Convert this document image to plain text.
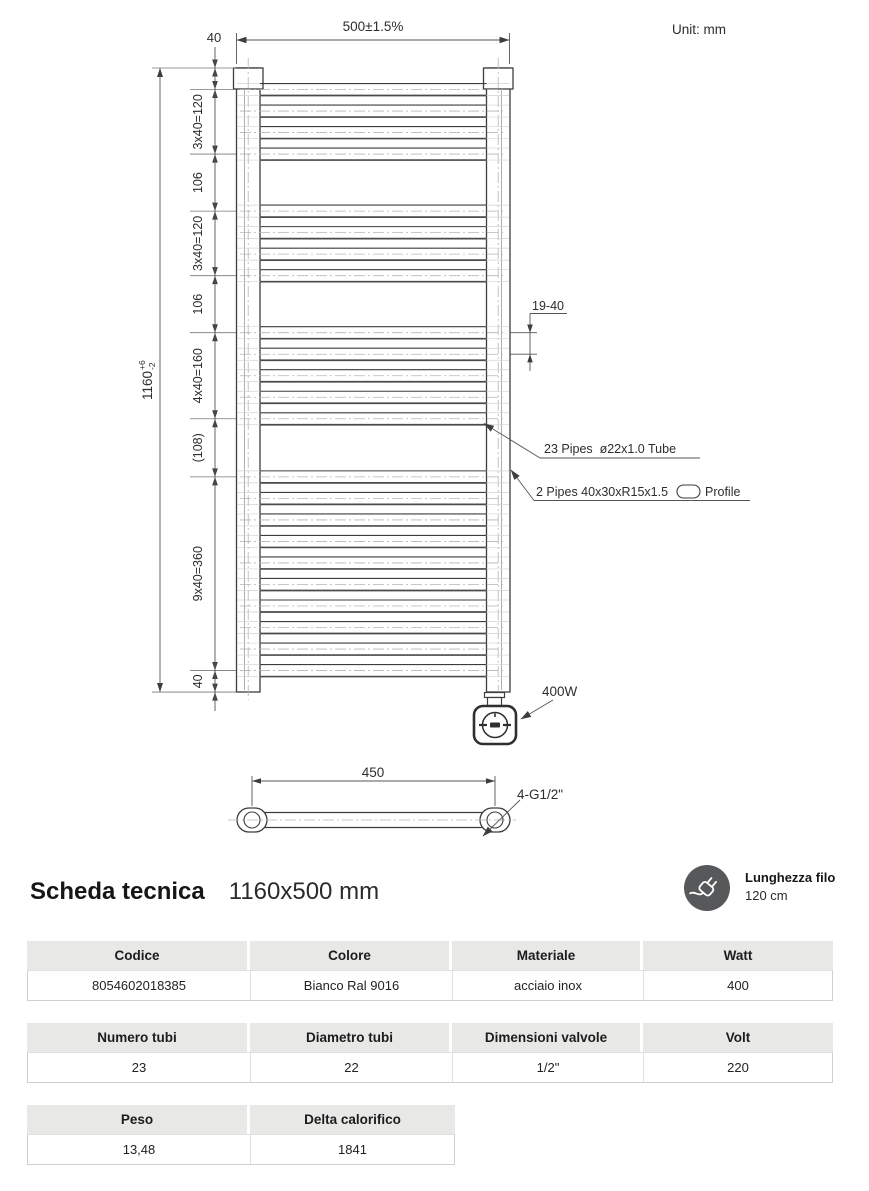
3x40=120
106
3x40=120
106
4x40=160
(108)
9x40=360
40
40
1160
+6 -2
500±1.5%	Unit: mm
19-40
23 Pipes  ø22x1.0 Tube
2 Pipes 40x30xR15x1.5	Profile
400W
450
4-G1/2"
Scheda tecnica 1160x500 mm
Lunghezza filo
120 cm
Codice	Colore	Materiale	Watt
8054602018385	Bianco Ral 9016	acciaio inox	400
Numero tubi	Diametro tubi	Dimensioni valvole	Volt
23	22	1/2"	220
Peso	Delta calorifico
13,48	1841
